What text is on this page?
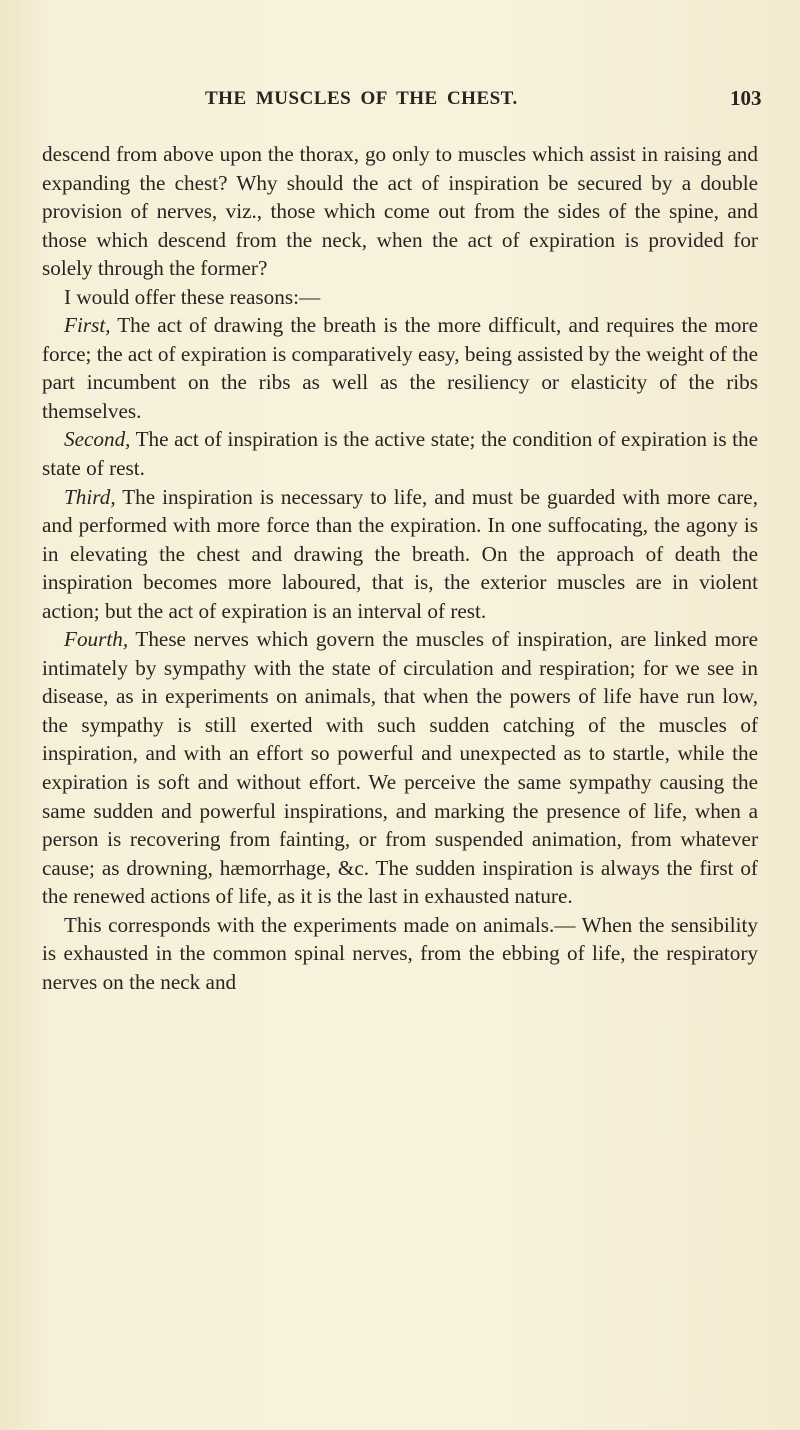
THE MUSCLES OF THE CHEST.	103

descend from above upon the thorax, go only to muscles which assist in raising and expanding the chest? Why should the act of inspiration be secured by a double provision of nerves, viz., those which come out from the sides of the spine, and those which descend from the neck, when the act of expiration is provided for solely through the former?

I would offer these reasons:—

First, The act of drawing the breath is the more difficult, and requires the more force; the act of expiration is comparatively easy, being assisted by the weight of the part incumbent on the ribs as well as the resiliency or elasticity of the ribs themselves.

Second, The act of inspiration is the active state; the condition of expiration is the state of rest.

Third, The inspiration is necessary to life, and must be guarded with more care, and performed with more force than the expiration. In one suffocating, the agony is in elevating the chest and drawing the breath. On the approach of death the inspiration becomes more laboured, that is, the exterior muscles are in violent action; but the act of expiration is an interval of rest.

Fourth, These nerves which govern the muscles of inspiration, are linked more intimately by sympathy with the state of circulation and respiration; for we see in disease, as in experiments on animals, that when the powers of life have run low, the sympathy is still exerted with such sudden catching of the muscles of inspiration, and with an effort so powerful and unexpected as to startle, while the expiration is soft and without effort. We perceive the same sympathy causing the same sudden and powerful inspirations, and marking the presence of life, when a person is recovering from fainting, or from suspended animation, from whatever cause; as drowning, hæmorrhage, &c. The sudden inspiration is always the first of the renewed actions of life, as it is the last in exhausted nature.

This corresponds with the experiments made on animals.— When the sensibility is exhausted in the common spinal nerves, from the ebbing of life, the respiratory nerves on the neck and
